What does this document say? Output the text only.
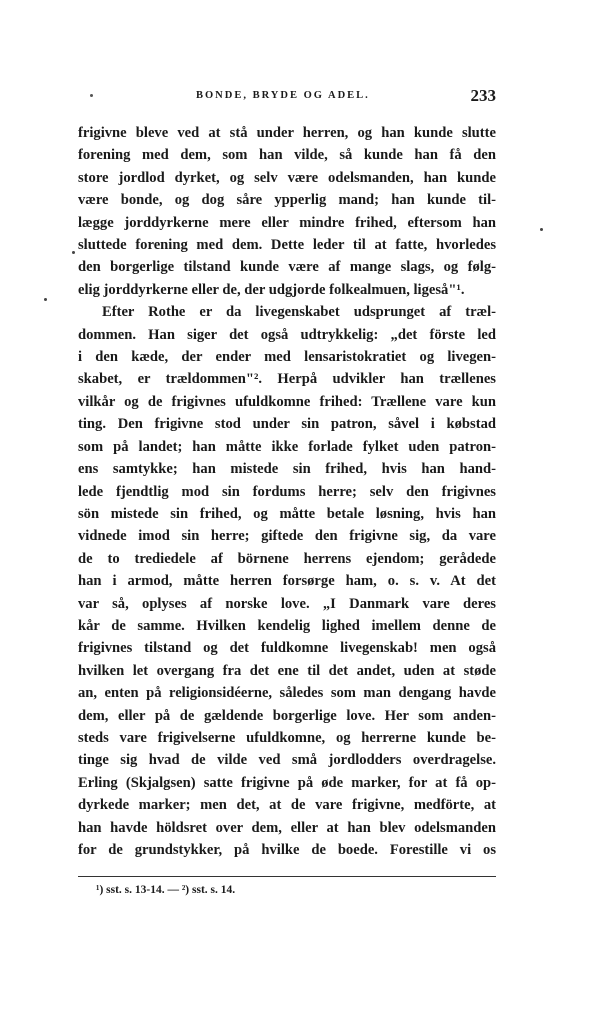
BONDE, BRYDE OG ADEL.	233
frigivne bleve ved at stå under herren, og han kunde slutte
forening med dem, som han vilde, så kunde han få den
store jordlod dyrket, og selv være odelsmanden, han kunde
være bonde, og dog såre ypperlig mand; han kunde til-
lægge jorddyrkerne mere eller mindre frihed, eftersom han
sluttede forening med dem. Dette leder til at fatte, hvorledes
den borgerlige tilstand kunde være af mange slags, og følg-
elig jorddyrkerne eller de, der udgjorde folkealmuen, ligeså"¹.
Efter Rothe er da livegenskabet udsprunget af træl-
dommen. Han siger det også udtrykkelig: „det förste led
i den kæde, der ender med lensaristokratiet og livegen-
skabet, er trældommen"². Herpå udvikler han trællenes
vilkår og de frigivnes ufuldkomne frihed: Trællene vare kun
ting. Den frigivne stod under sin patron, såvel i købstad
som på landet; han måtte ikke forlade fylket uden patron-
ens samtykke; han mistede sin frihed, hvis han hand-
lede fjendtlig mod sin fordums herre; selv den frigivnes
sön mistede sin frihed, og måtte betale løsning, hvis han
vidnede imod sin herre; giftede den frigivne sig, da vare
de to trediedele af börnene herrens ejendom; gerådede
han i armod, måtte herren forsørge ham, o. s. v. At det
var så, oplyses af norske love. „I Danmark vare deres
kår de samme. Hvilken kendelig lighed imellem denne de
frigivnes tilstand og det fuldkomne livegenskab! men også
hvilken let overgang fra det ene til det andet, uden at støde
an, enten på religionsidéerne, således som man dengang havde
dem, eller på de gældende borgerlige love. Her som anden-
steds vare frigivelserne ufuldkomne, og herrerne kunde be-
tinge sig hvad de vilde ved små jordlodders overdragelse.
Erling (Skjalgsen) satte frigivne på øde marker, for at få op-
dyrkede marker; men det, at de vare frigivne, medförte, at
han havde höldsret over dem, eller at han blev odelsmanden
for de grundstykker, på hvilke de boede. Forestille vi os
¹) sst. s. 13-14. — ²) sst. s. 14.
